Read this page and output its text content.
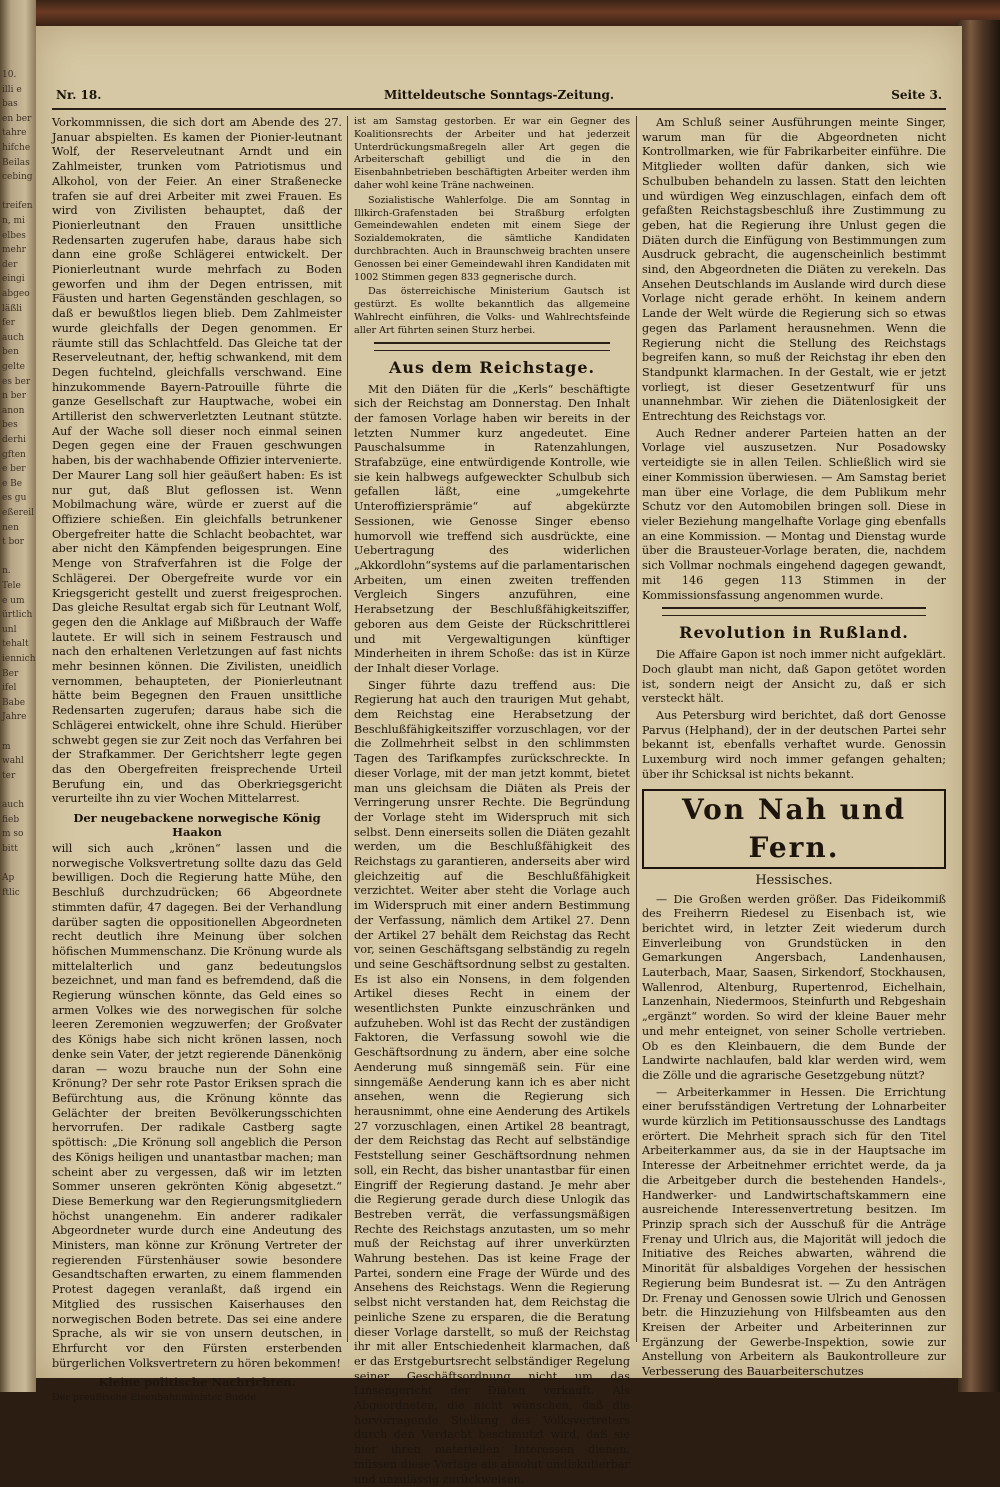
10.
illi e
bas
en ber
tahre
hifche
Beilas
cebing
treifen
n, mi
elbes
mehr
der
eingi
abgeo
läßli
fer
auch
ben
gelte
es ber
n ber
anon
bes
derhi
gften
e ber
e Be
es gu
eßereil
nen
t bor
n.
Tele
e um
ürtlich
unl
tehalt
iennich
Ber
ifel
Babe
Jahre
m
wahl
ter
auch
fieb
m so
bitt
Ap
ftlic
Nr. 18.	Mitteldeutsche Sonntags-Zeitung.	Seite 3.

Vorkommnissen, die sich dort am Abende des 27. Januar abspielten. Es kamen der Pionier-leutnant Wolf, der Reserveleutnant Arndt und ein Zahlmeister, trunken vom Patriotismus und Alkohol, von der Feier. An einer Straßenecke trafen sie auf drei Arbeiter mit zwei Frauen. Es wird von Zivilisten behauptet, daß der Pionierleutnant den Frauen unsittliche Redensarten zugerufen habe, daraus habe sich dann eine große Schlägerei entwickelt. Der Pionierleutnant wurde mehrfach zu Boden geworfen und ihm der Degen entrissen, mit Fäusten und harten Gegenständen geschlagen, so daß er bewußtlos liegen blieb. Dem Zahlmeister wurde gleichfalls der Degen genommen. Er räumte still das Schlachtfeld. Das Gleiche tat der Reserveleutnant, der, heftig schwankend, mit dem Degen fuchtelnd, gleichfalls verschwand. Eine hinzukommende Bayern-Patrouille führte die ganze Gesellschaft zur Hauptwache, wobei ein Artillerist den schwerverletzten Leutnant stützte. Auf der Wache soll dieser noch einmal seinen Degen gegen eine der Frauen geschwungen haben, bis der wachhabende Offizier intervenierte. Der Maurer Lang soll hier geäußert haben: Es ist nur gut, daß Blut geflossen ist. Wenn Mobilmachung wäre, würde er zuerst auf die Offiziere schießen. Ein gleichfalls betrunkener Obergefreiter hatte die Schlacht beobachtet, war aber nicht den Kämpfenden beigesprungen. Eine Menge von Strafverfahren ist die Folge der Schlägerei. Der Obergefreite wurde vor ein Kriegsgericht gestellt und zuerst freigesprochen. Das gleiche Resultat ergab sich für Leutnant Wolf, gegen den die Anklage auf Mißbrauch der Waffe lautete. Er will sich in seinem Festrausch und nach den erhaltenen Verletzungen auf fast nichts mehr besinnen können. Die Zivilisten, uneidlich vernommen, behaupteten, der Pionierleutnant hätte beim Begegnen den Frauen unsittliche Redensarten zugerufen; daraus habe sich die Schlägerei entwickelt, ohne ihre Schuld. Hierüber schwebt gegen sie zur Zeit noch das Verfahren bei der Strafkammer. Der Gerichtsherr legte gegen das den Obergefreiten freisprechende Urteil Berufung ein, und das Oberkriegsgericht verurteilte ihn zu vier Wochen Mittelarrest.

Der neugebackene norwegische König Haakon

will sich auch „krönen“ lassen und die norwegische Volksvertretung sollte dazu das Geld bewilligen. Doch die Regierung hatte Mühe, den Beschluß durchzudrücken; 66 Abgeordnete stimmten dafür, 47 dagegen. Bei der Verhandlung darüber sagten die oppositionellen Abgeordneten recht deutlich ihre Meinung über solchen höfischen Mummenschanz. Die Krönung wurde als mittelalterlich und ganz bedeutungslos bezeichnet, und man fand es befremdend, daß die Regierung wünschen könnte, das Geld eines so armen Volkes wie des norwegischen für solche leeren Zeremonien wegzuwerfen; der Großvater des Königs habe sich nicht krönen lassen, noch denke sein Vater, der jetzt regierende Dänenkönig daran — wozu brauche nun der Sohn eine Krönung? Der sehr rote Pastor Eriksen sprach die Befürchtung aus, die Krönung könnte das Gelächter der breiten Bevölkerungsschichten hervorrufen. Der radikale Castberg sagte spöttisch: „Die Krönung soll angeblich die Person des Königs heiligen und unantastbar machen; man scheint aber zu vergessen, daß wir im letzten Sommer unseren gekrönten König abgesetzt.“ Diese Bemerkung war den Regierungsmitgliedern höchst unangenehm. Ein anderer radikaler Abgeordneter wurde durch eine Andeutung des Ministers, man könne zur Krönung Vertreter der regierenden Fürstenhäuser sowie besondere Gesandtschaften erwarten, zu einem flammenden Protest dagegen veranlaßt, daß irgend ein Mitglied des russischen Kaiserhauses den norwegischen Boden betrete. Das sei eine andere Sprache, als wir sie von unsern deutschen, in Ehrfurcht vor den Fürsten ersterbenden bürgerlichen Volksvertretern zu hören bekommen!

Kleine politische Nachrichten.

Der preußische Eisenbahnminister Budde

ist am Samstag gestorben. Er war ein Gegner des Koalitionsrechts der Arbeiter und hat jederzeit Unterdrückungsmaßregeln aller Art gegen die Arbeiterschaft gebilligt und die in den Eisenbahnbetrieben beschäftigten Arbeiter werden ihm daher wohl keine Träne nachweinen.

Sozialistische Wahlerfolge. Die am Sonntag in Illkirch-Grafenstaden bei Straßburg erfolgten Gemeindewahlen endeten mit einem Siege der Sozialdemokraten, die sämtliche Kandidaten durchbrachten. Auch in Braunschweig brachten unsere Genossen bei einer Gemeindewahl ihren Kandidaten mit 1002 Stimmen gegen 833 gegnerische durch.

Das österreichische Ministerium Gautsch ist gestürzt. Es wollte bekanntlich das allgemeine Wahlrecht einführen, die Volks- und Wahlrechtsfeinde aller Art führten seinen Sturz herbei.

Aus dem Reichstage.

Mit den Diäten für die „Kerls“ beschäftigte sich der Reichstag am Donnerstag. Den Inhalt der famosen Vorlage haben wir bereits in der letzten Nummer kurz angedeutet. Eine Pauschalsumme in Ratenzahlungen, Strafabzüge, eine entwürdigende Kontrolle, wie sie kein halbwegs aufgeweckter Schulbub sich gefallen läßt, eine „umgekehrte Unteroffiziersprämie“ auf abgekürzte Sessionen, wie Genosse Singer ebenso humorvoll wie treffend sich ausdrückte, eine Uebertragung des widerlichen „Akkordlohn“systems auf die parlamentarischen Arbeiten, um einen zweiten treffenden Vergleich Singers anzuführen, eine Herabsetzung der Beschlußfähigkeitsziffer, geboren aus dem Geiste der Rückschrittlerei und mit Vergewaltigungen künftiger Minderheiten in ihrem Schoße: das ist in Kürze der Inhalt dieser Vorlage.

Singer führte dazu treffend aus: Die Regierung hat auch den traurigen Mut gehabt, dem Reichstag eine Herabsetzung der Beschlußfähigkeitsziffer vorzuschlagen, vor der die Zollmehrheit selbst in den schlimmsten Tagen des Tarifkampfes zurückschreckte. In dieser Vorlage, mit der man jetzt kommt, bietet man uns gleichsam die Diäten als Preis der Verringerung unsrer Rechte. Die Begründung der Vorlage steht im Widerspruch mit sich selbst. Denn einerseits sollen die Diäten gezahlt werden, um die Beschlußfähigkeit des Reichstags zu garantieren, anderseits aber wird gleichzeitig auf die Beschlußfähigkeit verzichtet. Weiter aber steht die Vorlage auch im Widerspruch mit einer andern Bestimmung der Verfassung, nämlich dem Artikel 27. Denn der Artikel 27 behält dem Reichstag das Recht vor, seinen Geschäftsgang selbständig zu regeln und seine Geschäftsordnung selbst zu gestalten. Es ist also ein Nonsens, in dem folgenden Artikel dieses Recht in einem der wesentlichsten Punkte einzuschränken und aufzuheben. Wohl ist das Recht der zuständigen Faktoren, die Verfassung sowohl wie die Geschäftsordnung zu ändern, aber eine solche Aenderung muß sinngemäß sein. Für eine sinngemäße Aenderung kann ich es aber nicht ansehen, wenn die Regierung sich herausnimmt, ohne eine Aenderung des Artikels 27 vorzuschlagen, einen Artikel 28 beantragt, der dem Reichstag das Recht auf selbständige Feststellung seiner Geschäftsordnung nehmen soll, ein Recht, das bisher unantastbar für einen Eingriff der Regierung dastand. Je mehr aber die Regierung gerade durch diese Unlogik das Bestreben verrät, die verfassungsmäßigen Rechte des Reichstags anzutasten, um so mehr muß der Reichstag auf ihrer unverkürzten Wahrung bestehen. Das ist keine Frage der Partei, sondern eine Frage der Würde und des Ansehens des Reichstags. Wenn die Regierung selbst nicht verstanden hat, dem Reichstag die peinliche Szene zu ersparen, die die Beratung dieser Vorlage darstellt, so muß der Reichstag ihr mit aller Entschiedenheit klarmachen, daß er das Erstgeburtsrecht selbständiger Regelung seiner Geschäftsordnung nicht um das Linsengericht der Diäten verkauft. Als Abgeordneten, die nicht wünschen, daß die hervorragende Stellung des Volksvertreters durch den Verdacht beschmutzt wird, daß sie hier ihren materiellen Interessen dienen, müssen diese Vorlage als absolut undiskutierbar und unzulässig zurückweisen.

Am Schluß seiner Ausführungen meinte Singer, warum man für die Abgeordneten nicht Kontrollmarken, wie für Fabrikarbeiter einführe. Die Mitglieder wollten dafür danken, sich wie Schulbuben behandeln zu lassen. Statt den leichten und würdigen Weg einzuschlagen, einfach dem oft gefaßten Reichstagsbeschluß ihre Zustimmung zu geben, hat die Regierung ihre Unlust gegen die Diäten durch die Einfügung von Bestimmungen zum Ausdruck gebracht, die augenscheinlich bestimmt sind, den Abgeordneten die Diäten zu verekeln. Das Ansehen Deutschlands im Auslande wird durch diese Vorlage nicht gerade erhöht. In keinem andern Lande der Welt würde die Regierung sich so etwas gegen das Parlament herausnehmen. Wenn die Regierung nicht die Stellung des Reichstags begreifen kann, so muß der Reichstag ihr eben den Standpunkt klarmachen. In der Gestalt, wie er jetzt vorliegt, ist dieser Gesetzentwurf für uns unannehmbar. Wir ziehen die Diätenlosigkeit der Entrechtung des Reichstags vor.

Auch Redner anderer Parteien hatten an der Vorlage viel auszusetzen. Nur Posadowsky verteidigte sie in allen Teilen. Schließlich wird sie einer Kommission überwiesen. — Am Samstag beriet man über eine Vorlage, die dem Publikum mehr Schutz vor den Automobilen bringen soll. Diese in vieler Beziehung mangelhafte Vorlage ging ebenfalls an eine Kommission. — Montag und Dienstag wurde über die Brausteuer-Vorlage beraten, die, nachdem sich Vollmar nochmals eingehend dagegen gewandt, mit 146 gegen 113 Stimmen in der Kommissionsfassung angenommen wurde.

Revolution in Rußland.

Die Affaire Gapon ist noch immer nicht aufgeklärt. Doch glaubt man nicht, daß Gapon getötet worden ist, sondern neigt der Ansicht zu, daß er sich versteckt hält.

Aus Petersburg wird berichtet, daß dort Genosse Parvus (Helphand), der in der deutschen Partei sehr bekannt ist, ebenfalls verhaftet wurde. Genossin Luxemburg wird noch immer gefangen gehalten; über ihr Schicksal ist nichts bekannt.

Von Nah und Fern.
Hessisches.

— Die Großen werden größer. Das Fideikommiß des Freiherrn Riedesel zu Eisenbach ist, wie berichtet wird, in letzter Zeit wiederum durch Einverleibung von Grundstücken in den Gemarkungen Angersbach, Landenhausen, Lauterbach, Maar, Saasen, Sirkendorf, Stockhausen, Wallenrod, Altenburg, Rupertenrod, Eichelhain, Lanzenhain, Niedermoos, Steinfurth und Rebgeshain „ergänzt“ worden. So wird der kleine Bauer mehr und mehr enteignet, von seiner Scholle vertrieben. Ob es den Kleinbauern, die dem Bunde der Landwirte nachlaufen, bald klar werden wird, wem die Zölle und die agrarische Gesetzgebung nützt?

— Arbeiterkammer in Hessen. Die Errichtung einer berufsständigen Vertretung der Lohnarbeiter wurde kürzlich im Petitionsausschusse des Landtags erörtert. Die Mehrheit sprach sich für den Titel Arbeiterkammer aus, da sie in der Hauptsache im Interesse der Arbeitnehmer errichtet werde, da ja die Arbeitgeber durch die bestehenden Handels-, Handwerker- und Landwirtschaftskammern eine ausreichende Interessenvertretung besitzen. Im Prinzip sprach sich der Ausschuß für die Anträge Frenay und Ulrich aus, die Majorität will jedoch die Initiative des Reiches abwarten, während die Minorität für alsbaldiges Vorgehen der hessischen Regierung beim Bundesrat ist. — Zu den Anträgen Dr. Frenay und Genossen sowie Ulrich und Genossen betr. die Hinzuziehung von Hilfsbeamten aus den Kreisen der Arbeiter und Arbeiterinnen zur Ergänzung der Gewerbe-Inspektion, sowie zur Anstellung von Arbeitern als Baukontrolleure zur Verbesserung des Bauarbeiterschutzes
